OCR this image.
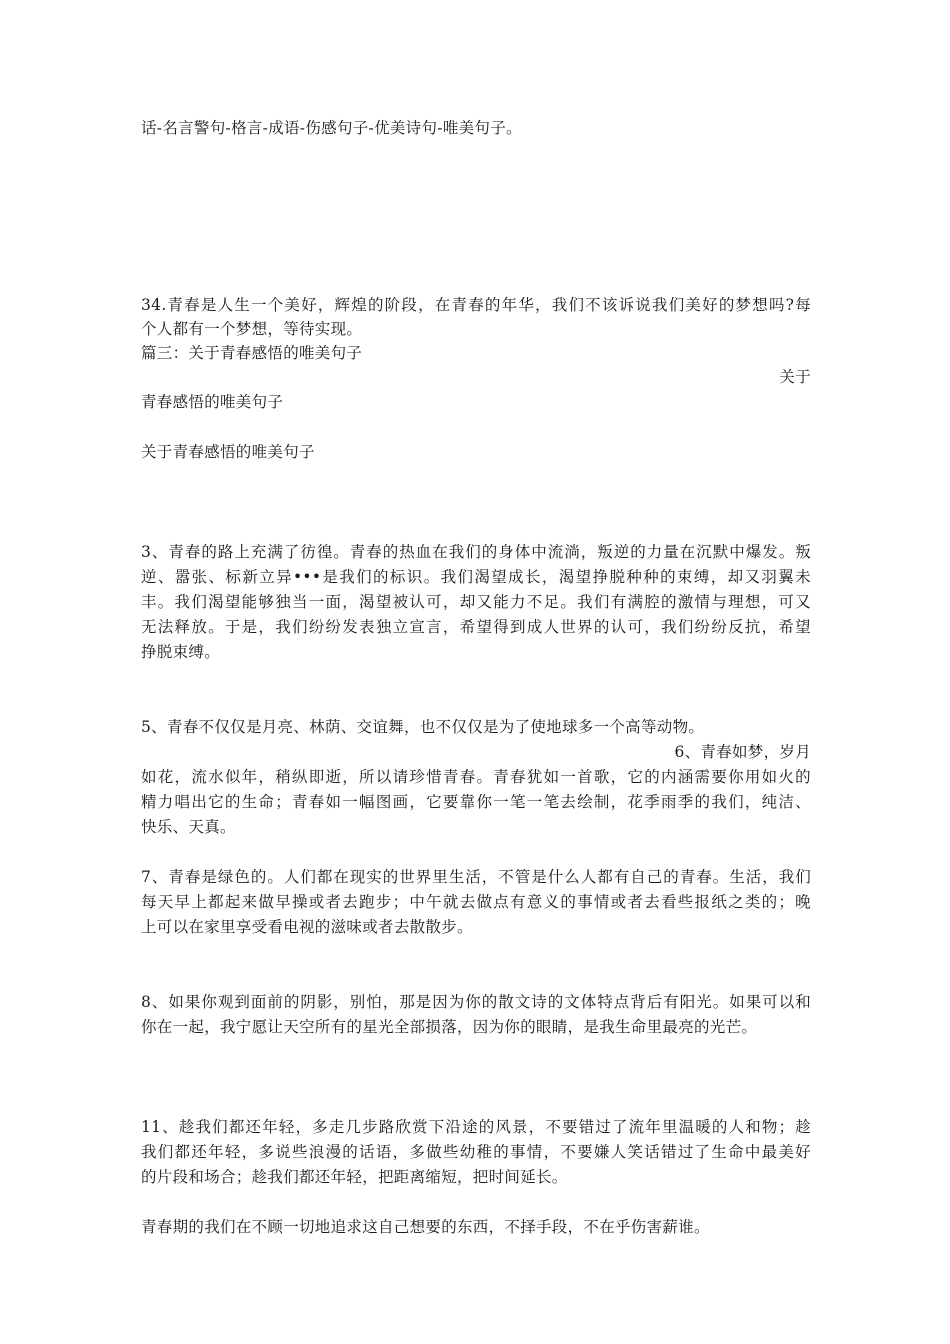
话-名言警句-格言-成语-伤感句子-优美诗句-唯美句子。
34.青春是人生一个美好，辉煌的阶段，在青春的年华，我们不该诉说我们美好的梦想吗?每
个人都有一个梦想，等待实现。
篇三：关于青春感悟的唯美句子
关于
青春感悟的唯美句子
关于青春感悟的唯美句子
3、青春的路上充满了彷徨。青春的热血在我们的身体中流淌，叛逆的力量在沉默中爆发。叛
逆、嚣张、标新立异•••是我们的标识。我们渴望成长，渴望挣脱种种的束缚，却又羽翼未
丰。我们渴望能够独当一面，渴望被认可，却又能力不足。我们有满腔的激情与理想，可又
无法释放。于是，我们纷纷发表独立宣言，希望得到成人世界的认可，我们纷纷反抗，希望
挣脱束缚。
5、青春不仅仅是月亮、林荫、交谊舞，也不仅仅是为了使地球多一个高等动物。
6、青春如梦，岁月
如花，流水似年，稍纵即逝，所以请珍惜青春。青春犹如一首歌，它的内涵需要你用如火的
精力唱出它的生命；青春如一幅图画，它要靠你一笔一笔去绘制，花季雨季的我们，纯洁、
快乐、天真。
7、青春是绿色的。人们都在现实的世界里生活，不管是什么人都有自己的青春。生活，我们
每天早上都起来做早操或者去跑步；中午就去做点有意义的事情或者去看些报纸之类的；晚
上可以在家里享受看电视的滋味或者去散散步。
8、如果你观到面前的阴影，别怕，那是因为你的散文诗的文体特点背后有阳光。如果可以和
你在一起，我宁愿让天空所有的星光全部损落，因为你的眼睛，是我生命里最亮的光芒。
11、趁我们都还年轻，多走几步路欣赏下沿途的风景，不要错过了流年里温暖的人和物；趁
我们都还年轻，多说些浪漫的话语，多做些幼稚的事情，不要嫌人笑话错过了生命中最美好
的片段和场合；趁我们都还年轻，把距离缩短，把时间延长。
青春期的我们在不顾一切地追求这自己想要的东西，不择手段，不在乎伤害薪谁。
